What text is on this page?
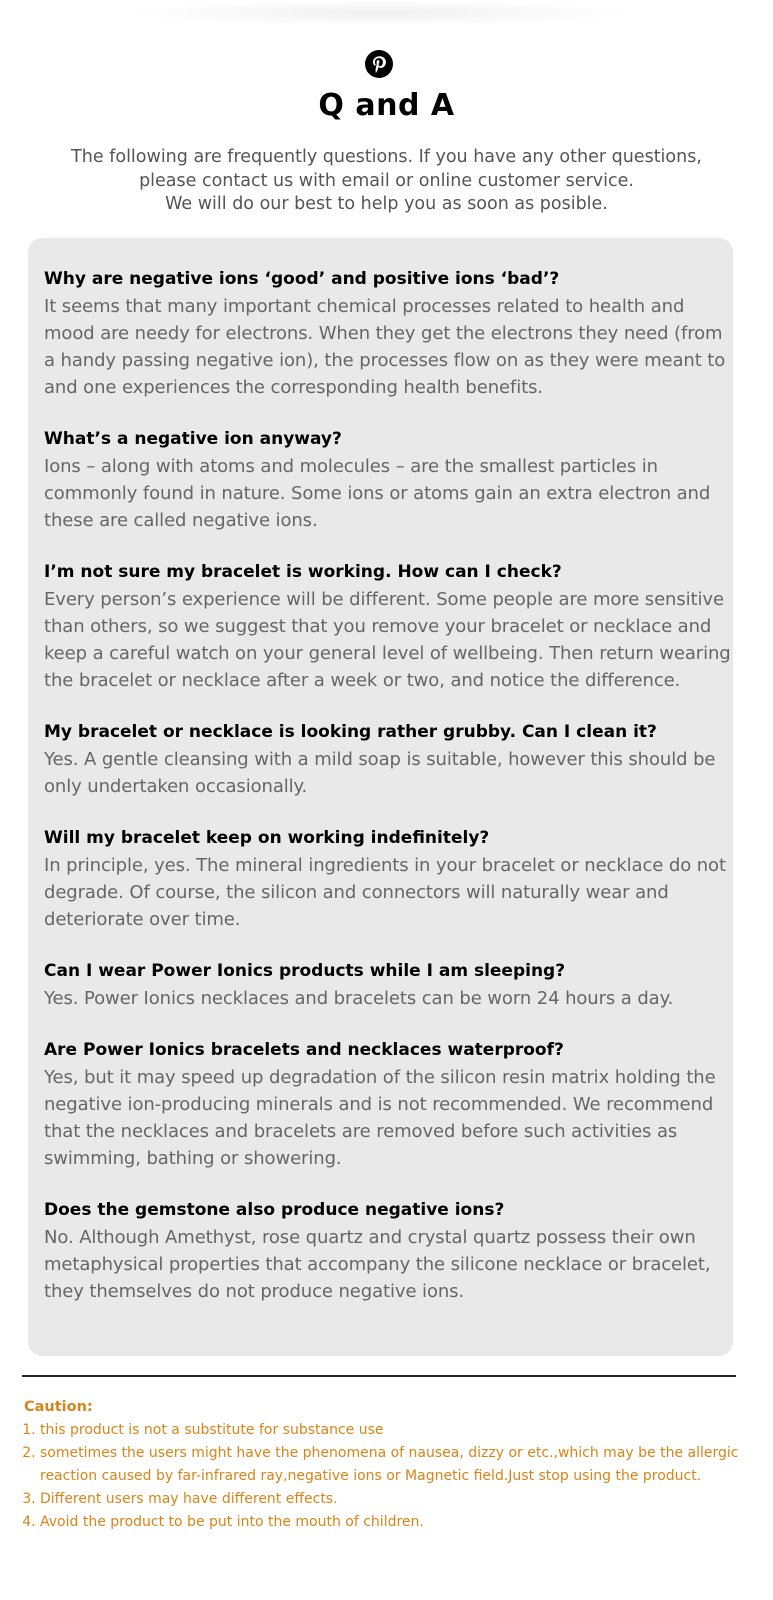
Q and A

The following are frequently questions. If you have any other questions,

please contact us with email or online customer service.

We will do our best to help you as soon as posible.

Why are negative ions ‘good’ and positive ions ‘bad’?
It seems that many important chemical processes related to health and mood are needy for electrons. When they get the electrons they need (from a handy passing negative ion), the processes flow on as they were meant to and one experiences the corresponding health benefits.
What’s a negative ion anyway?
Ions – along with atoms and molecules – are the smallest particles in commonly found in nature. Some ions or atoms gain an extra electron and these are called negative ions.
I’m not sure my bracelet is working. How can I check?
Every person’s experience will be different. Some people are more sensitive than others, so we suggest that you remove your bracelet or necklace and keep a careful watch on your general level of wellbeing. Then return wearing the bracelet or necklace after a week or two, and notice the difference.
My bracelet or necklace is looking rather grubby. Can I clean it?
Yes. A gentle cleansing with a mild soap is suitable, however this should be only undertaken occasionally.
Will my bracelet keep on working indefinitely?
In principle, yes. The mineral ingredients in your bracelet or necklace do not degrade. Of course, the silicon and connectors will naturally wear and deteriorate over time.
Can I wear Power Ionics products while I am sleeping?
Yes. Power Ionics necklaces and bracelets can be worn 24 hours a day.
Are Power Ionics bracelets and necklaces waterproof?
Yes, but it may speed up degradation of the silicon resin matrix holding the negative ion-producing minerals and is not recommended. We recommend that the necklaces and bracelets are removed before such activities as swimming, bathing or showering.
Does the gemstone also produce negative ions?
No. Although Amethyst, rose quartz and crystal quartz possess their own metaphysical properties that accompany the silicone necklace or bracelet, they themselves do not produce negative ions.
Caution:
1. this product is not a substitute for substance use
2. sometimes the users might have the phenomena of nausea, dizzy or etc.,which may be the allergic reaction caused by far-infrared ray,negative ions or Magnetic field.Just stop using the product.
3. Different users may have different effects.
4. Avoid the product to be put into the mouth of children.
